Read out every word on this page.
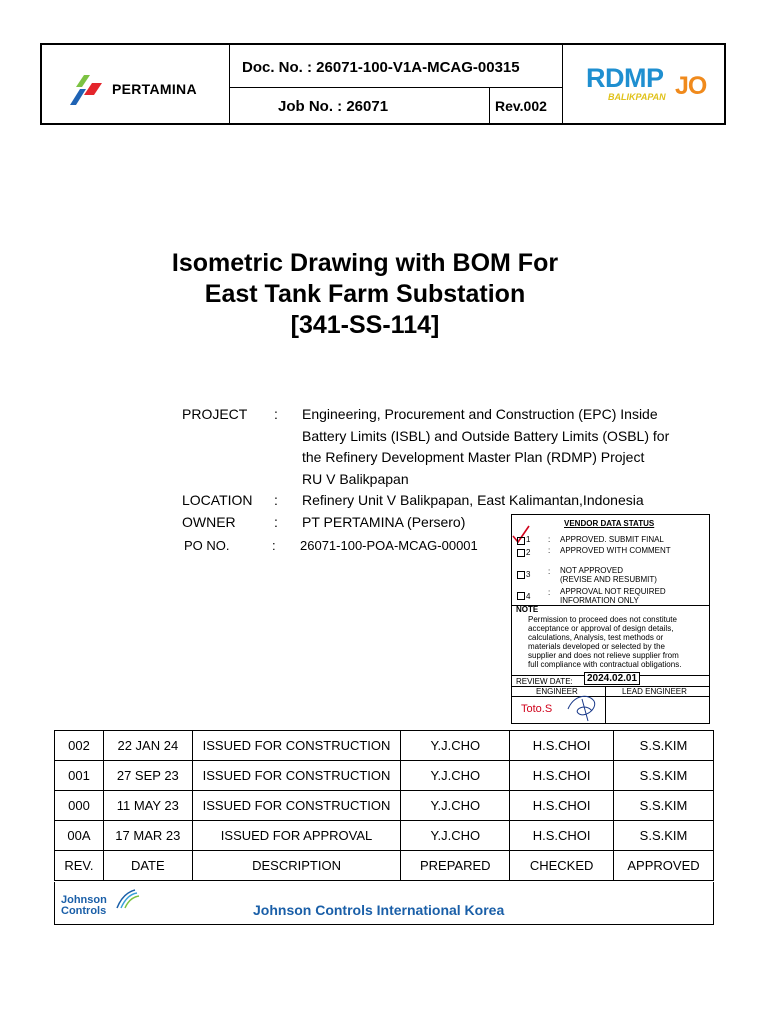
PERTAMINA
Doc. No. : 26071-100-V1A-MCAG-00315
Job No. : 26071	Rev.002
RDMP
BALIKPAPAN JO
Isometric Drawing with BOM For
East Tank Farm Substation
[341-SS-114]
PROJECT : Engineering, Procurement and Construction (EPC) Inside
Battery Limits (ISBL) and Outside Battery Limits (OSBL) for
the Refinery Development Master Plan (RDMP) Project
RU V Balikpapan
LOCATION : Refinery Unit V Balikpapan, East Kalimantan,Indonesia
OWNER	: PT PERTAMINA (Persero)
PO NO.	: 26071-100-POA-MCAG-00001
VENDOR DATA STATUS
1 : APPROVED. SUBMIT FINAL
2 : APPROVED WITH COMMENT
3 : NOT APPROVED
(REVISE AND RESUBMIT)
4 : APPROVAL NOT REQUIRED
INFORMATION ONLY
NOTE
Permission to proceed does not constitute
acceptance or approval of design details,
calculations, Analysis, test methods or
materials developed or selected by the
supplier and does not relieve supplier from
full compliance with contractual obligations.
REVIEW DATE:	2024.02.01
ENGINEER	LEAD ENGINEER
Toto.S
002	22 JAN 24	ISSUED FOR CONSTRUCTION	Y.J.CHO	H.S.CHOI	S.S.KIM
001	27 SEP 23	ISSUED FOR CONSTRUCTION	Y.J.CHO	H.S.CHOI	S.S.KIM
000	11 MAY 23	ISSUED FOR CONSTRUCTION	Y.J.CHO	H.S.CHOI	S.S.KIM
00A	17 MAR 23	ISSUED FOR APPROVAL	Y.J.CHO	H.S.CHOI	S.S.KIM
REV.	DATE	DESCRIPTION	PREPARED	CHECKED	APPROVED
Johnson
Controls	Johnson Controls International Korea
